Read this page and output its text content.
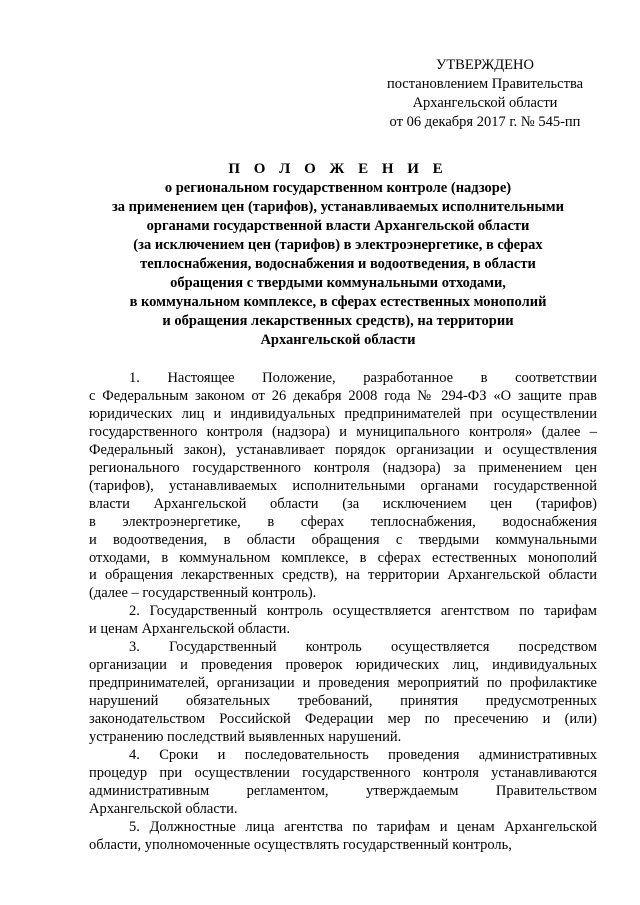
УТВЕРЖДЕНО
постановлением Правительства
Архангельской области
от 06 декабря 2017 г. № 545-пп
П О Л О Ж Е Н И Е
о региональном государственном контроле (надзоре)
за применением цен (тарифов), устанавливаемых исполнительными
органами государственной власти Архангельской области
(за исключением цен (тарифов) в электроэнергетике, в сферах
теплоснабжения, водоснабжения и водоотведения, в области
обращения с твердыми коммунальными отходами,
в коммунальном комплексе, в сферах естественных монополий
и обращения лекарственных средств), на территории
Архангельской области
1. Настоящее Положение, разработанное в соответствии
с Федеральным законом от 26 декабря 2008 года № 294-ФЗ «О защите прав
юридических лиц и индивидуальных предпринимателей при осуществлении
государственного контроля (надзора) и муниципального контроля» (далее –
Федеральный закон), устанавливает порядок организации и осуществления
регионального государственного контроля (надзора) за применением цен
(тарифов), устанавливаемых исполнительными органами государственной
власти Архангельской области (за исключением цен (тарифов)
в электроэнергетике, в сферах теплоснабжения, водоснабжения
и водоотведения, в области обращения с твердыми коммунальными
отходами, в коммунальном комплексе, в сферах естественных монополий
и обращения лекарственных средств), на территории Архангельской области
(далее – государственный контроль).
2. Государственный контроль осуществляется агентством по тарифам
и ценам Архангельской области.
3. Государственный контроль осуществляется посредством
организации и проведения проверок юридических лиц, индивидуальных
предпринимателей, организации и проведения мероприятий по профилактике
нарушений обязательных требований, принятия предусмотренных
законодательством Российской Федерации мер по пресечению и (или)
устранению последствий выявленных нарушений.
4. Сроки и последовательность проведения административных
процедур при осуществлении государственного контроля устанавливаются
административным регламентом, утверждаемым Правительством
Архангельской области.
5. Должностные лица агентства по тарифам и ценам Архангельской
области, уполномоченные осуществлять государственный контроль,
